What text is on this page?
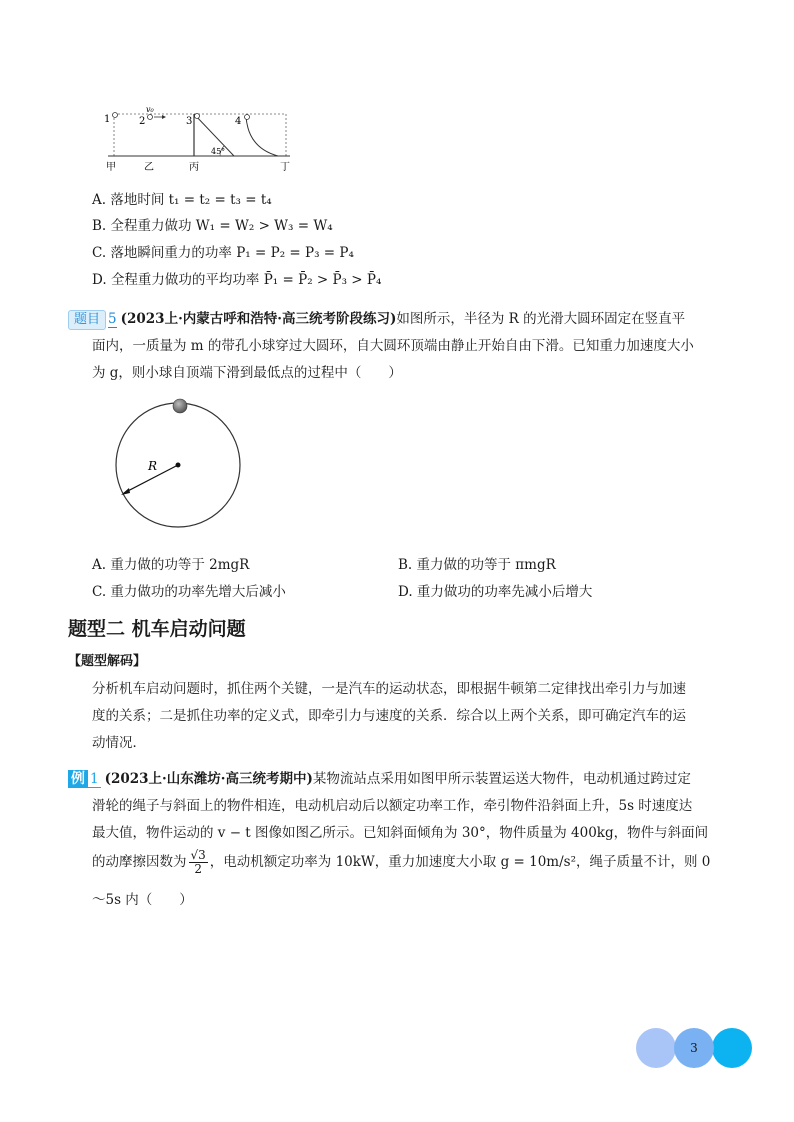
1	2
v₀
3
45°
4
甲	乙	丙	丁
A. 落地时间 t₁ = t₂ = t₃ = t₄
B. 全程重力做功 W₁ = W₂ > W₃ = W₄
C. 落地瞬间重力的功率 P₁ = P₂ = P₃ = P₄
D. 全程重力做功的平均功率 P̄₁ = P̄₂ > P̄₃ > P̄₄
题目 5 (2023上·内蒙古呼和浩特·高三统考阶段练习)如图所示，半径为 R 的光滑大圆环固定在竖直平
面内，一质量为 m 的带孔小球穿过大圆环，自大圆环顶端由静止开始自由下滑。已知重力加速度大小
为 g，则小球自顶端下滑到最低点的过程中（　　）
R
A. 重力做的功等于 2mgR	B. 重力做的功等于 πmgR
C. 重力做功的功率先增大后减小	D. 重力做功的功率先减小后增大
题型二 机车启动问题
【题型解码】
分析机车启动问题时，抓住两个关键，一是汽车的运动状态，即根据牛顿第二定律找出牵引力与加速
度的关系；二是抓住功率的定义式，即牵引力与速度的关系．综合以上两个关系，即可确定汽车的运
动情况．
例 1 (2023上·山东潍坊·高三统考期中)某物流站点采用如图甲所示装置运送大物件，电动机通过跨过定
滑轮的绳子与斜面上的物件相连，电动机启动后以额定功率工作，牵引物件沿斜面上升，5s 时速度达
最大值，物件运动的 v − t 图像如图乙所示。已知斜面倾角为 30°，物件质量为 400kg，物件与斜面间
的动摩擦因数为 $\frac{√3}{2}$ ，电动机额定功率为 10kW，重力加速度大小取 g = 10m/s²，绳子质量不计，则 0
～5s 内（　　）
3
